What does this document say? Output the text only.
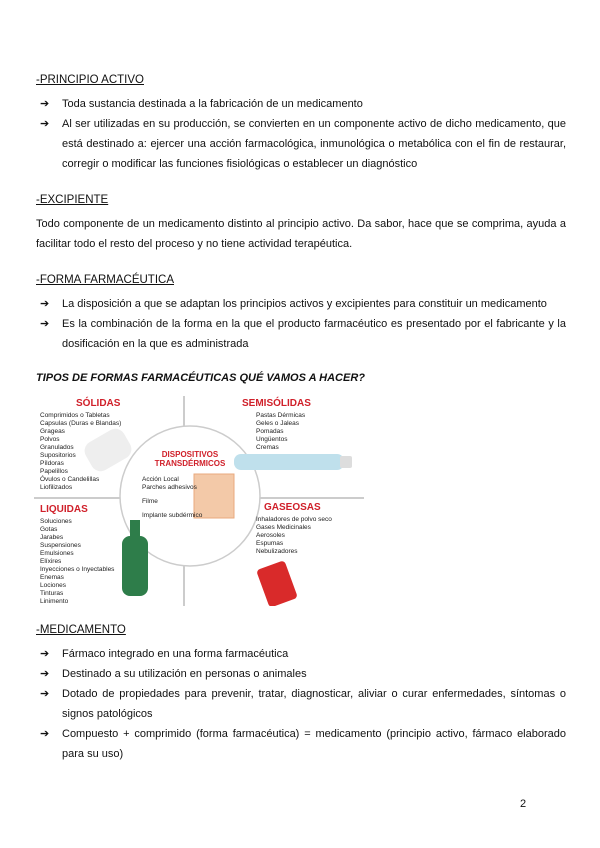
-PRINCIPIO ACTIVO
➔	Toda sustancia destinada a la fabricación de un medicamento
➔	Al ser utilizadas en su producción, se convierten en un componente activo de dicho medicamento, que está destinado a: ejercer una acción farmacológica, inmunológica o metabólica con el fin de restaurar, corregir o modificar las funciones fisiológicas o establecer un diagnóstico
-EXCIPIENTE
Todo componente de un medicamento distinto al principio activo. Da sabor, hace que se comprima, ayuda a facilitar todo el resto del proceso y no tiene actividad terapéutica.
-FORMA FARMACÉUTICA
➔	La disposición a que se adaptan los principios activos y excipientes para constituir un medicamento
➔	Es la combinación de la forma en la que el producto farmacéutico es presentado por el fabricante y la dosificación en la que es administrada
TIPOS DE FORMAS FARMACÉUTICAS QUÉ VAMOS A HACER?
SÓLIDAS
Comprimidos o Tabletas
Capsulas (Duras e Blandas)
Grageas
Polvos
Granulados
Supositorios
Píldoras
Papelillos
Óvulos o Candelillas
Liofilizados
SEMISÓLIDAS
Pastas Dérmicas
Geles o Jaleas
Pomadas
Ungüentos
Cremas
DISPOSITIVOS
TRANSDÉRMICOS
Acción Local
Parches adhesivos
Filme
Implante subdérmico
LIQUIDAS
Soluciones
Gotas
Jarabes
Suspensiones
Emulsiones
Elíxires
Inyecciones o Inyectables
Enemas
Lociones
Tinturas
Linimento
GASEOSAS
Inhaladores de polvo seco
Gases Medicinales
Aerosoles
Espumas
Nebulizadores
-MEDICAMENTO
➔	Fármaco integrado en una forma farmacéutica
➔	Destinado a su utilización en personas o animales
➔	Dotado de propiedades para prevenir, tratar, diagnosticar, aliviar o curar enfermedades, síntomas o signos patológicos
➔	Compuesto + comprimido (forma farmacéutica) = medicamento (principio activo, fármaco elaborado para su uso)
2
